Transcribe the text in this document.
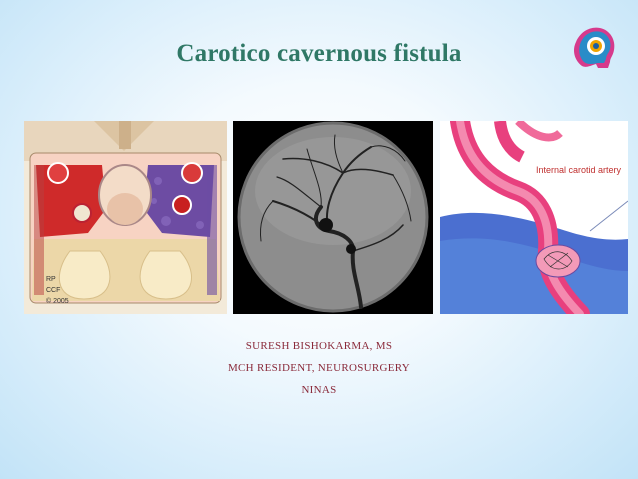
Carotico cavernous fistula
RP
CCF
© 2005
Internal carotid artery
SURESH BISHOKARMA, MS
MCH RESIDENT, NEUROSURGERY
NINAS
